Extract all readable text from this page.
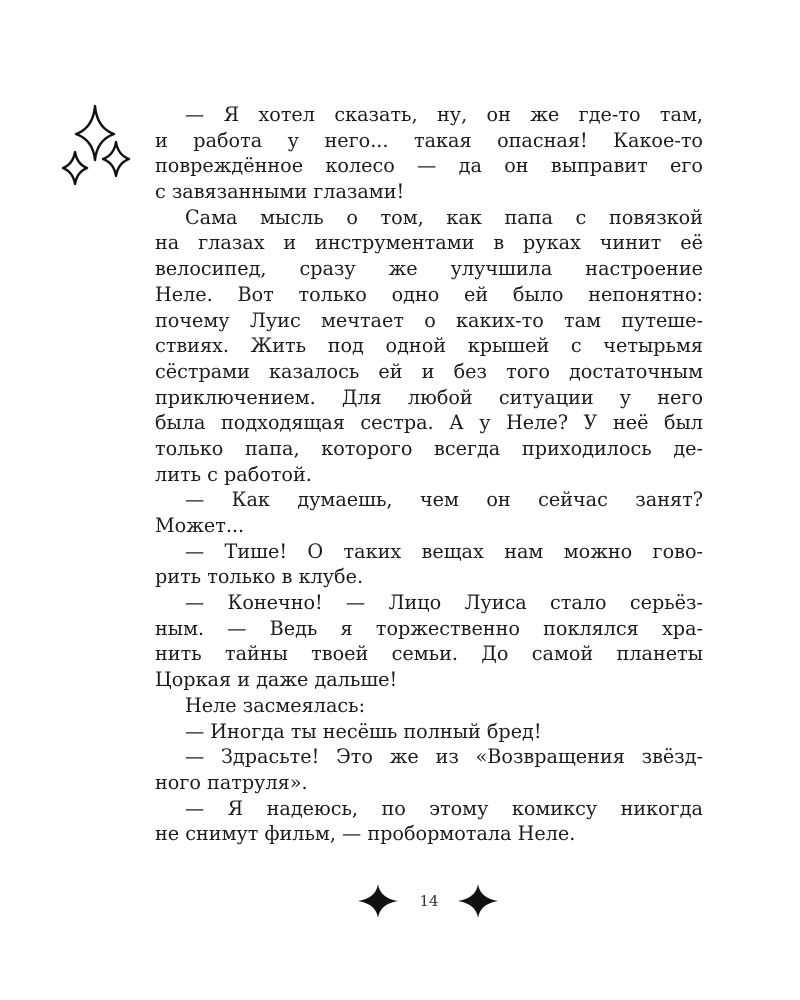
— Я хотел сказать, ну, он же где-то там,
и работа у него... такая опасная! Какое-то
повреждённое колесо — да он выправит его
с завязанными глазами!
Сама мысль о том, как папа с повязкой
на глазах и инструментами в руках чинит её
велосипед, сразу же улучшила настроение
Неле. Вот только одно ей было непонятно:
почему Луис мечтает о каких-то там путеше-
ствиях. Жить под одной крышей с четырьмя
сёстрами казалось ей и без того достаточным
приключением. Для любой ситуации у него
была подходящая сестра. А у Неле? У неё был
только папа, которого всегда приходилось де-
лить с работой.
— Как думаешь, чем он сейчас занят?
Может...
— Тише! О таких вещах нам можно гово-
рить только в клубе.
— Конечно! — Лицо Луиса стало серьёз-
ным. — Ведь я торжественно поклялся хра-
нить тайны твоей семьи. До самой планеты
Цоркая и даже дальше!
Неле засмеялась:
— Иногда ты несёшь полный бред!
— Здрасьте! Это же из «Возвращения звёзд-
ного патруля».
— Я надеюсь, по этому комиксу никогда
не снимут фильм, — пробормотала Неле.
14
